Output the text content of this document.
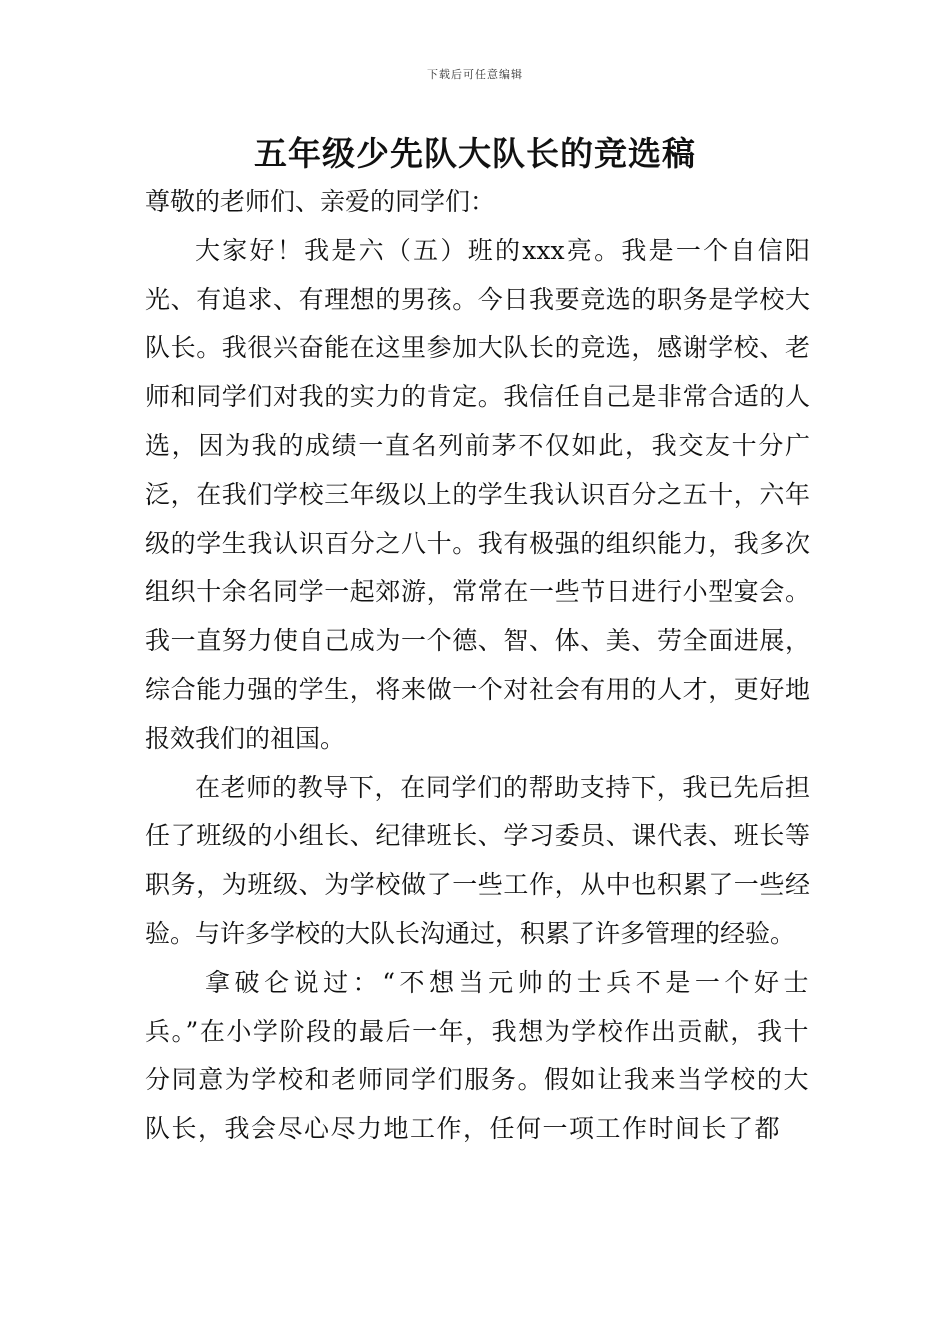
下载后可任意编辑
五年级少先队大队长的竞选稿

尊敬的老师们、亲爱的同学们：

大家好！我是六（五）班的xxx亮。我是一个自信阳光、有追求、有理想的男孩。今日我要竞选的职务是学校大队长。我很兴奋能在这里参加大队长的竞选，感谢学校、老师和同学们对我的实力的肯定。我信任自己是非常合适的人选，因为我的成绩一直名列前茅不仅如此，我交友十分广泛，在我们学校三年级以上的学生我认识百分之五十，六年级的学生我认识百分之八十。我有极强的组织能力，我多次组织十余名同学一起郊游，常常在一些节日进行小型宴会。我一直努力使自己成为一个德、智、体、美、劳全面进展，综合能力强的学生，将来做一个对社会有用的人才，更好地报效我们的祖国。

在老师的教导下，在同学们的帮助支持下，我已先后担任了班级的小组长、纪律班长、学习委员、课代表、班长等职务，为班级、为学校做了一些工作，从中也积累了一些经验。与许多学校的大队长沟通过，积累了许多管理的经验。

拿破仑说过：“不想当元帅的士兵不是一个好士兵。”在小学阶段的最后一年，我想为学校作出贡献，我十分同意为学校和老师同学们服务。假如让我来当学校的大队长，我会尽心尽力地工作，任何一项工作时间长了都
